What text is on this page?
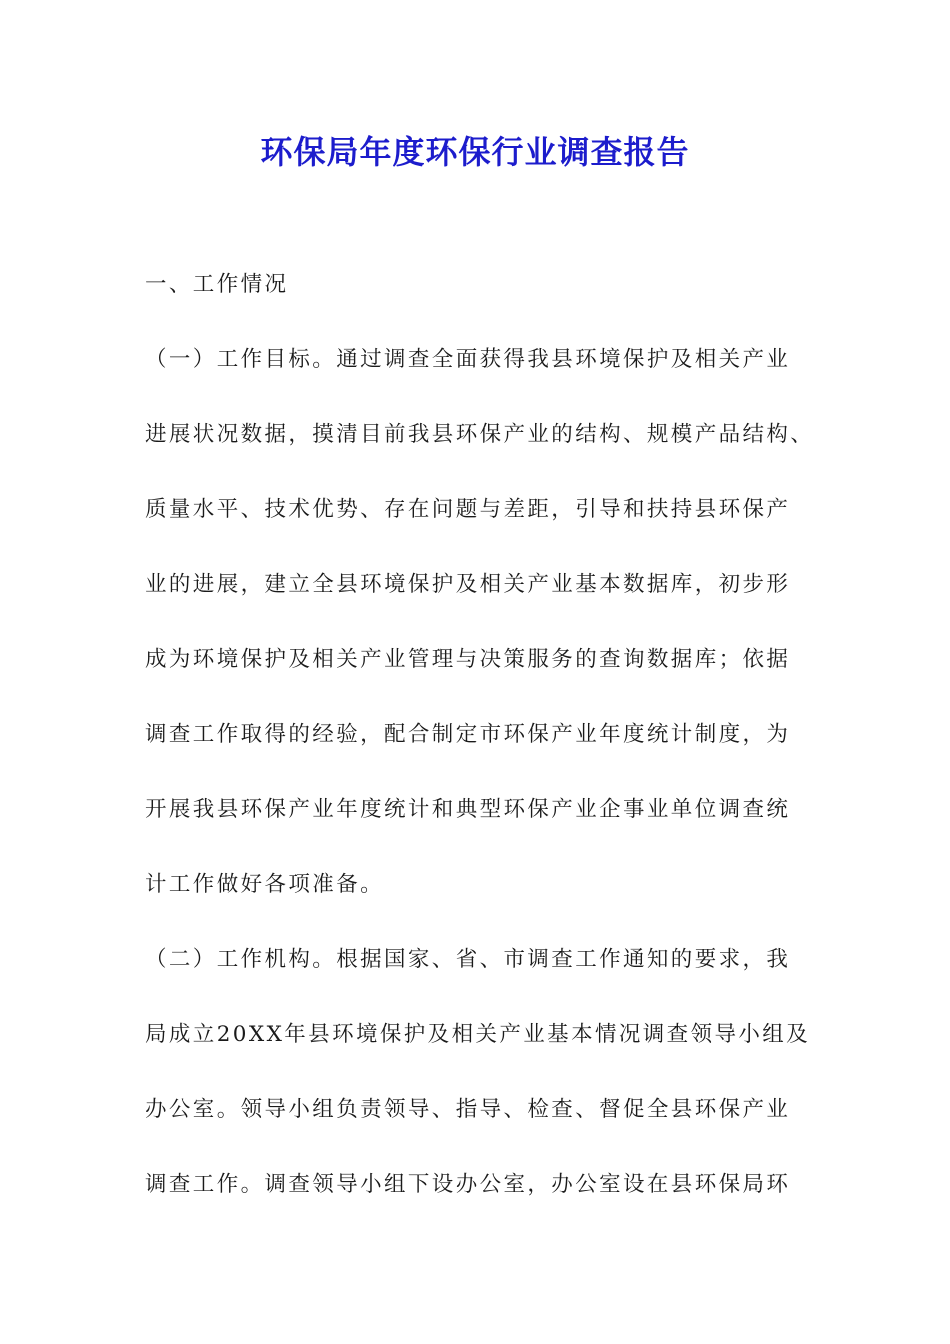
环保局年度环保行业调查报告
一、工作情况
（一）工作目标。通过调查全面获得我县环境保护及相关产业
进展状况数据，摸清目前我县环保产业的结构、规模产品结构、
质量水平、技术优势、存在问题与差距，引导和扶持县环保产
业的进展，建立全县环境保护及相关产业基本数据库，初步形
成为环境保护及相关产业管理与决策服务的查询数据库；依据
调查工作取得的经验，配合制定市环保产业年度统计制度，为
开展我县环保产业年度统计和典型环保产业企事业单位调查统
计工作做好各项准备。
（二）工作机构。根据国家、省、市调查工作通知的要求，我
局成立20XX年县环境保护及相关产业基本情况调查领导小组及
办公室。领导小组负责领导、指导、检查、督促全县环保产业
调查工作。调查领导小组下设办公室，办公室设在县环保局环
